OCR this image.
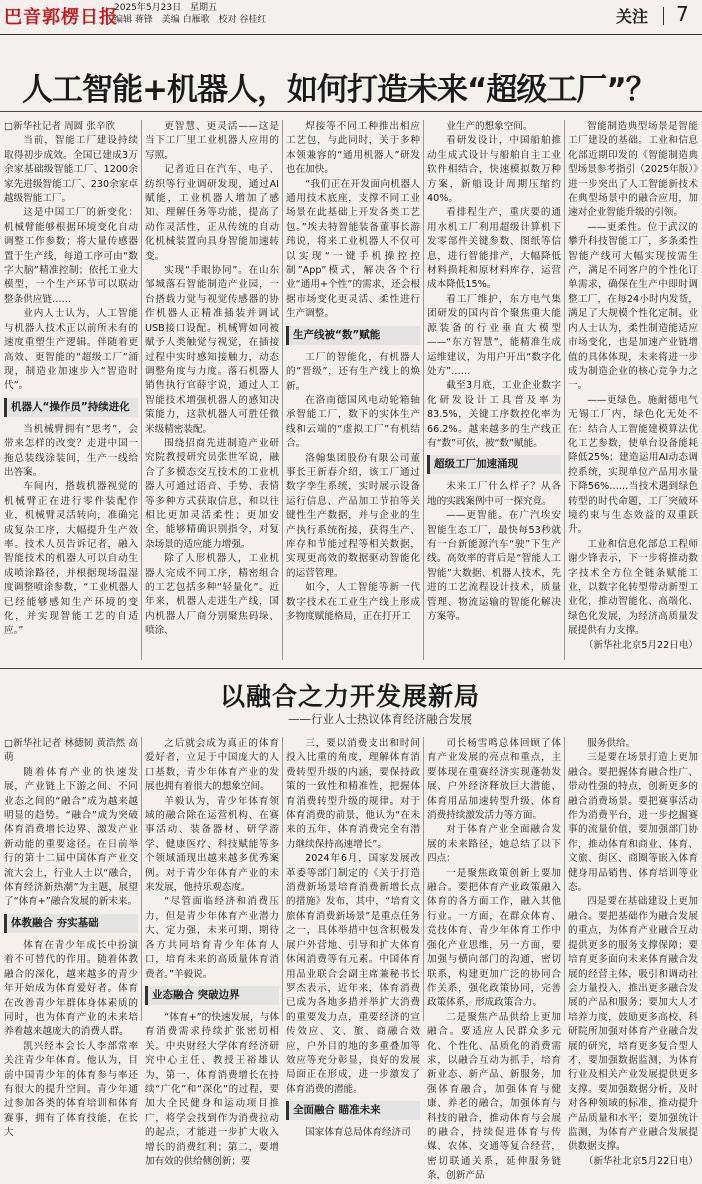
巴音郭楞日报
2025年5月23日 星期五
编辑 蒋锋 美编 白雁歌 校对 谷桂红	关注 7
人工智能+机器人，如何打造未来“超级工厂”？

□新华社记者 周圆 张辛欣

当前，智能工厂建设持续取得初步成效。全国已建成3万余家基础级智能工厂、1200余家先进级智能工厂、230余家卓越级智能工厂。

这是中国工厂的新变化：机械臂能够根据环境变化自动调整工作参数；将大量传感器置于生产线，每道工序可由“数字大脑”精准控制；依托工业大模型，一个生产环节可以联动整条供应链……

业内人士认为，人工智能与机器人技术正以前所未有的速度重塑生产逻辑。伴随着更高效、更智能的“超级工厂”涌现，制造业加速步入“智造时代”。

机器人“操作员”持续进化

当机械臂拥有“思考”，会带来怎样的改变？走进中国一拖总装线涂装间，生产一线给出答案。

车间内，搭载机器视觉的机械臂正在进行零件装配作业，机械臂灵活转向，准确完成复杂工序，大幅提升生产效率。技术人员告诉记者，融入智能技术的机器人可以自动生成喷涂路径，并根据现场温湿度调整喷涂参数，“工业机器人已经能够感知生产环境的变化，并实现智能工艺的自适应。”

更智慧、更灵活——这是当下工厂里工业机器人应用的写照。

记者近日在汽车、电子、纺织等行业调研发现，通过AI赋能，工业机器人增加了感知、理解任务等功能，提高了动作灵活性，正从传统的自动化机械装置向具身智能加速转变。

实现“手眼协同”。在山东邹城落石智能制造产业园，一台搭载力觉与视觉传感器的协作机器人正精准插装并调试USB接口设配。机械臂如同被赋予人类触觉与视觉，在插接过程中实时感知接触力，动态调整角度与力度。落石机器人销售执行官薛宇说，通过人工智能技术增强机器人的感知决策能力，这款机器人可胜任微米级精密装配。

围绕招商先进制造产业研究院教授研究员张世军说，融合了多模态交互技术的工业机器人可通过语音、手势、表情等多种方式获取信息，和以往相比更加灵活柔性；更加安全，能够精确识别指令，对复杂场景的适应能力增强。

除了人形机器人，工业机器人完成不同工序，精密组合的工艺包括多种“轻量化”。近年来，机器人走进生产线，国内机器人厂商分别聚焦码垛、喷涂、

焊接等不同工种推出相应工艺包，与此同时，关于多种本领兼容的“通用机器人”研发也在加快。

“我们正在开发面向机器人通用技术底座，支撑不同工业场景在此基础上开发各类工艺包。”埃夫特智能装备董事长游玮说，将来工业机器人不仅可以实现“一键手机操控控制”App”模式，解决各个行业“通用+个性”的需求，还会根据市场变化更灵活、柔性进行生产调整。

生产线被“数”赋能

工厂的智能化，有机器人的“晋级”，还有生产线上的焕新。

在洛南德国风电动轮箱轴承智能工厂，数下的实体生产线和云端的“虚拟工厂”有机结合。

洛翰集团股份有限公司董事长王新春介绍，该工厂通过数字孪生系统，实时展示设备运行信息、产品加工节拍等关键性生产数据，并与企业的生产执行系统衔接，获得生产、库存和节能过程等相关数据，实现更高效的数据驱动智能化的运营管理。

如今，人工智能等新一代数字技术在工业生产线上形成多物度赋能格局，正在打开工

业生产的想象空间。

看研发设计，中国船舶推动生成式设计与船舶自主工业软件相结合，快速模拟数万种方案，新船设计周期压缩约40%。

看排程生产，重庆要的通用水机工厂利用超级计算机下发零部件关键参数、图纸等信息，进行智能排产，大幅降低材料损耗和原材料库存，运营成本降低15%。

看工厂维护，东方电气集团研发的国内首个聚焦重大能源装备的行业垂直大模型——“东方智慧”，能精准生成运维建议，为用户开出“数字化处方”……

截至3月底，工业企业数字化研发设计工具普及率为83.5%，关键工序数控化率为66.2%。越来越多的生产线正有“数”可依，被“数”赋能。

超级工厂加速涌现

未来工厂什么样子？从各地的实践案例中可一探究竟。

——更智能。在广汽埃安智能生态工厂，最快每53秒就有一台新能源汽车“驶”下生产线。高效率的背后是“智能人工智能”大数据、机器人技术，先进的工艺流程设计技术，质量管理、物流运输的智能化解决方案等。

智能制造典型场景是智能工厂建设的基础。工业和信息化部近期印发的《智能制造典型场景参考指引（2025年版）》进一步突出了人工智能新技术在典型场景中的融合应用，加速对企业智能升级的引领。

——更柔性。位于武汉的攀升科技智能工厂，多条柔性智能产线可大幅实现按需生产，满足不同客户的个性化订单需求，确保在生产中即时调整工厂，在每24小时内发货，满足了大规模个性化定制。业内人士认为，柔性制造能适应市场变化，也是加速产业链增值的具体体现，未来将进一步成为制造企业的核心竞争力之一。

——更绿色。施耐德电气无锡工厂内，绿色化无处不在：结合人工智能建模算法优化工艺参数，使单台设备能耗降低25%；建造运用AI动态调控系统，实现单位产品用水量下降56%……当技术遇到绿色转型的时代命题，工厂突破环境约束与生态效益的双重跃升。

工业和信息化部总工程师谢少锋表示，下一步将推动数字技术全方位全链条赋能工业，以数字化转型带动新型工业化，推动智能化、高端化、绿色化发展，为经济高质量发展提供有力支撑。

（新华社北京5月22日电）

以融合之力开发展新局
——行业人士热议体育经济融合发展

□新华社记者 林德韧 黄浩然 高萌

随着体育产业的快速发展，产业链上下游之间、不同业态之间的“融合”成为越来越明显的趋势。“融合”成为突破体育消费增长边界、激发产业新动能的重要途径。在日前举行的第十二届中国体育产业交流大会上，行业人士以“融合，体育经济新热潮”为主题，展望了“体育+”融合发展的新未来。

体教融合 夯实基础

体育在青少年成长中扮演着不可替代的作用。随着体教融合的深化，越来越多的青少年开始成为体育爱好者。体育在改善青少年群体身体素质的同时，也为体育产业的未来培养着越来越庞大的消费人群。

凯兴经本会长人李部常率关注青少年体育。他认为，目前中国青少年的体育参与率还有很大的提升空间。青少年通过参加各类的体育培训和体育赛事，拥有了体育技能，在长大

之后就会成为真正的体育爱好者，立足于中国庞大的人口基数，青少年体育产业的发展也拥有着很大的想象空间。

羊毅认为，青少年体育领域的融合除在运营机构、在赛事活动、装备器材、研学游学、健康医疗、科技赋能等多个领域涌现出越来越多优秀案例。对于青少年体育产业的未来发展，他持乐观态度。

“尽管面临经济和消费压力，但是青少年体育产业潜力大、定力强，未来可期，期待各方共同培育青少年体育人口，培育未来的高质量体育消费者。”羊毅说。

业态融合 突破边界

“体育+”的快速发展，与体育消费需求持续扩张密切相关。中央财经大学体育经济研究中心主任、教授王裕雄认为，第一，体育消费增长在持续“广化”和“深化”的过程，要加大全民健身和运动项目推广，将学会找到作为消费拉动的起点，才能进一步扩大收入增长的消费红利；第二，要增加有效的供给侧创新；要

三，要以消费支出和时间投入比重的角度，理解体育消费转型升级的内涵，要保持政策的一致性和精准性，把握体育消费转型升级的规律。对于体育消费的前景，他认为“在未来的五年，体育消费完全有潜力继续保持高速增长”。

2024年6月，国家发展改革委等部门制定的《关于打造消费新场景培育消费新增长点的措施》发布，其中，“培育文旅体育消费新场景”是重点任务之一，具体举措中包含积极发展户外营地、引导和扩大体育休闲消费等有元素。中国体育用品业联合会副主席兼秘书长罗杰表示，近年来，体育消费已成为各地多措并举扩大消费的重要发力点，重要经济的宣传效应、文、旅、商融合效应，户外目的地的多重叠加等效应等充分彰显，良好的发展局面正在形成，进一步激发了体育消费的潜能。

全面融合 瞄准未来

国家体育总局体育经济司

司长杨雪鸣总体回顾了体育产业发展的亮点和重点，主要体现在重赛经济实现蓬勃发展、户外经济释放巨大潜能、体育用品加速转型升级、体育消费持续激发活力等方面。

对于体育产业全面融合发展的未来路径，她总结了以下四点：

一是聚焦政策创新上要加融合。要把体育产业政策融入体育的各方面工作，融入其他行业。一方面，在群众体育、竞技体育、青少年体育工作中强化产业思维，另一方面，要加强与横向部门的沟通，密切联系，构建更加广泛的协同合作关系，强化政策协同，完善政策体系，形成政策合力。

二是聚焦产品供给上更加融合。要适应人民群众多元化、个性化、品质化的消费需求，以融合互动为抓手，培育新业态、新产品、新服务，加强体育融合，加强体育与健康、养老的融合，加强体育与科技的融合，推动体育与会展的融合，持续促进体育与传媒、农体、交通等复合经营，密切联通关系，延伸服务链条，创新产品

服务供给。

三是要在场景打造上更加融合。要把握体育融合性广、带动性强的特点，创新更多的融合消费场景。要把赛事活动作为消费平台，进一步挖掘赛事的流量价值，要加强部门协作，推动体育和商业、体育、文旅、街区、商圈等嵌入体育健身用品销售、体育培训等业态。

四是要在基础建设上更加融合。要把基础作为融合发展的重点，为体育产业融合互动提供更多的服务支撑保障；要培育更多面向未来体育融合发展的经营主体，吸引和调动社会力量投入，推出更多融合发展的产品和服务；要加大人才培养力度，鼓励更多高校、科研院所加强对体育产业融合发展的研究，培育更多复合型人才，要加强数据监测，为体育行业及相关产业发展提供更多支撑。要加强数据分析，及时对各种领域的标准，推动提升产品质量和水平；要加强统计监测，为体育产业融合发展提供数据支撑。

（新华社北京5月22日电）
